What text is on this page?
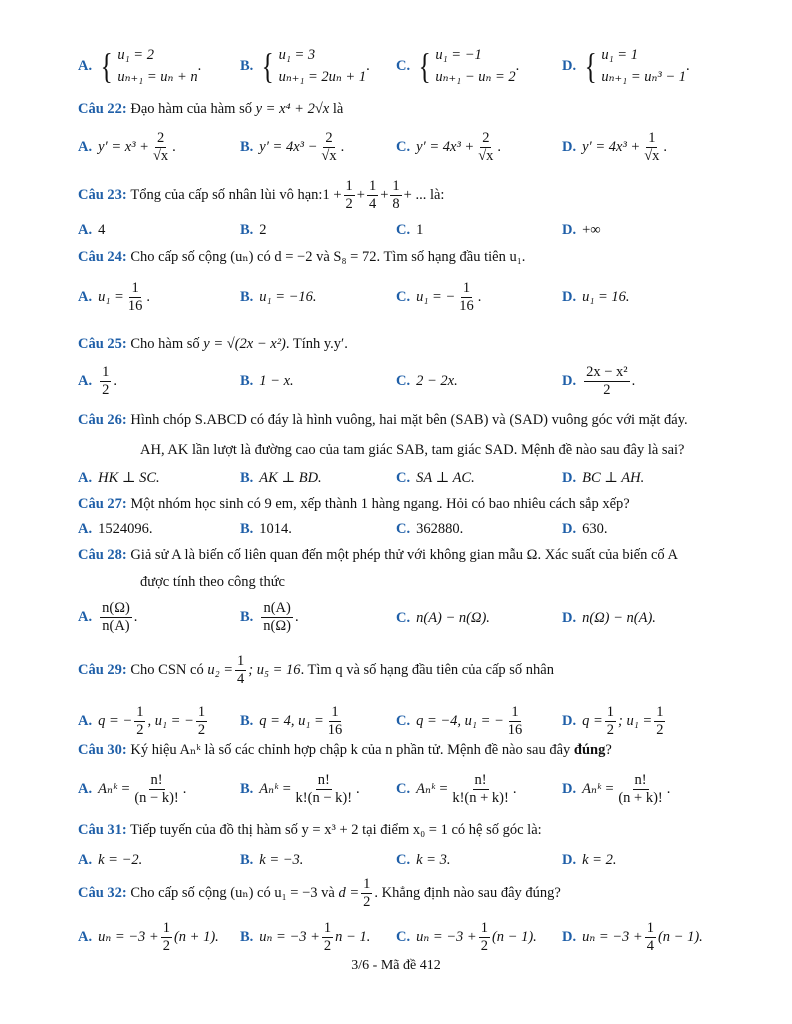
A. { u₁ = 2
uₙ₊₁ = uₙ + n
.	B. { u₁ = 3
uₙ₊₁ = 2uₙ + 1
. C. { u₁ = −1
uₙ₊₁ − uₙ = 2
.	D. { u₁ = 1
uₙ₊₁ = uₙ³ − 1
.
Câu 22: Đạo hàm của hàm số y = x⁴ + 2√x là
A. $y' = x^3 + \frac{2}{√x}$ .	B. $y' = 4x^3 - \frac{2}{√x}$ .	C. $y' = 4x^3 + \frac{2}{√x}$ .	D. $y' = 4x^3 + \frac{1}{√x}$ .
Câu 23:
Tổng của cấp số nhân lùi vô hạn: $1 + \frac{1}{2} + \frac{1}{4} + \frac{1}{8}$ + ... là:
A. 4	B. 2	C. 1	D. +∞
Câu 24: Cho cấp số cộng (uₙ) có d = −2 và S₈ = 72. Tìm số hạng đầu tiên u₁.
A. $u_1 = \frac{1}{16}$ .	B. u₁ = −16.	C. u₁ = − $\frac{1}{16}$ .	D. u₁ = 16.
Câu 25: Cho hàm số y = √(2x − x²). Tính y.y′.
A. $\frac{1}{2}$ .	B. 1 − x.	C. 2 − 2x.	D. $\frac{\text{2x − x²}}{2}$ .
Câu 26: Hình chóp S.ABCD có đáy là hình vuông, hai mặt bên (SAB) và (SAD) vuông góc với mặt đáy.
AH, AK lần lượt là đường cao của tam giác SAB, tam giác SAD. Mệnh đề nào sau đây là sai?
A. HK ⊥ SC.	B. AK ⊥ BD.	C. SA ⊥ AC.	D. BC ⊥ AH.
Câu 27: Một nhóm học sinh có 9 em, xếp thành 1 hàng ngang. Hỏi có bao nhiêu cách sắp xếp?
A. 1524096.	B. 1014.	C. 362880.	D. 630.
Câu 28: Giả sử A là biến cố liên quan đến một phép thử với không gian mẫu Ω. Xác suất của biến cố A
được tính theo công thức
A. $\frac{n(\Omega)}{n(A)}$ .	B. $\frac{n(A)}{n(\Omega)}$ .	C. n(A) − n(Ω).	D. n(Ω) − n(A).
Câu 29:
Cho CSN có
$u_2 = \frac{1}{4}$ ; u₅ = 16 . Tìm q và số hạng đầu tiên của cấp số nhân
A. q = − $\frac{1}{2}$ , u₁ = − $\frac{1}{2} B$. q = 4, $u_1 = \frac{1}{16}$	C. q = −4, u₁ = − $\frac{1}{16}$	D. $q = \frac{1}{2}$ ; $u_1 = \frac{1}{2}$
Câu 30: Ký hiệu Aₙᵏ là số các chỉnh hợp chập k của n phần tử. Mệnh đề nào sau đây đúng?
A. Aₙᵏ = $\frac{n!}{(n - k)!}$ .	B. Aₙᵏ = $\frac{n!}{k!(n - k)!}$ .	C. Aₙᵏ = $\frac{n!}{k!(n + k)!}$ .	D. Aₙᵏ = $\frac{n!}{(n + k)!}$ .
Câu 31: Tiếp tuyến của đồ thị hàm số y = x³ + 2 tại điểm x₀ = 1 có hệ số góc là:
A. k = −2.	B. k = −3.	C. k = 3.	D. k = 2.
Câu 32:
Cho cấp số cộng (uₙ) có u₁ = −3 và
$d = \frac{1}{2}$ . Khẳng định nào sau đây đúng?
A. $u_n = -3 + \frac{1}{2} (n + 1)$. B. $u_n = -3 + \frac{1}{2}$ n − 1. C. $u_n = -3 + \frac{1}{2} (n - 1)$. D. $u_n = -3 + \frac{1}{4} (n - 1)$.
3/6 - Mã đề 412
